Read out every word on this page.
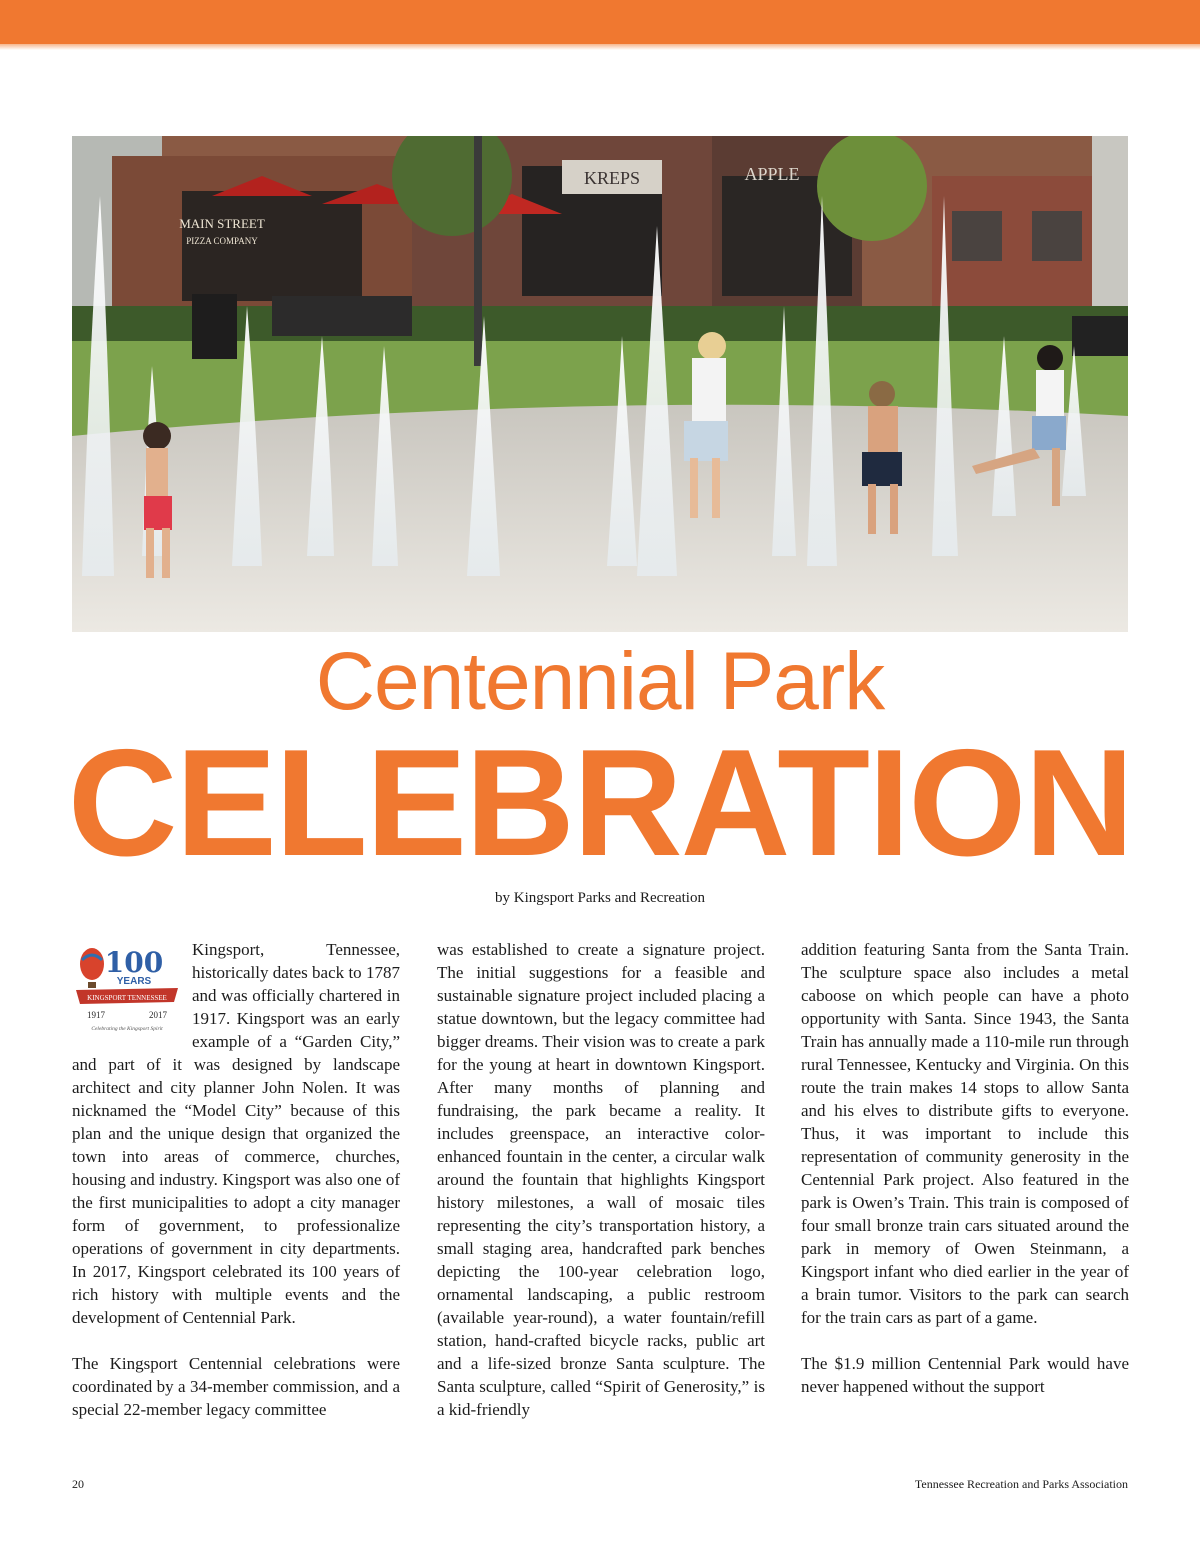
MAIN STREET
PIZZA COMPANY
KREPS	APPLE
Centennial Park
CELEBRATION
by Kingsport Parks and Recreation
100
YEARS
KINGSPORT TENNESSEE
1917	2017
Celebrating the Kingsport Spirit

Kingsport, Tennessee, historically dates back to 1787 and was officially chartered in 1917. Kingsport was an early example of a “Garden City,” and part of it was designed by landscape architect and city planner John Nolen. It was nicknamed the “Model City” because of this plan and the unique design that organized the town into areas of commerce, churches, housing and industry. Kingsport was also one of the first municipalities to adopt a city manager form of government, to professionalize operations of government in city departments. In 2017, Kingsport celebrated its 100 years of rich history with multiple events and the development of Centennial Park.

The Kingsport Centennial celebrations were coordinated by a 34-member commission, and a special 22-member legacy committee

was established to create a signature project. The initial suggestions for a feasible and sustainable signature project included placing a statue downtown, but the legacy committee had bigger dreams. Their vision was to create a park for the young at heart in downtown Kingsport. After many months of planning and fundraising, the park became a reality. It includes greenspace, an interactive color-enhanced fountain in the center, a circular walk around the fountain that highlights Kingsport history milestones, a wall of mosaic tiles representing the city’s transportation history, a small staging area, handcrafted park benches depicting the 100-year celebration logo, ornamental landscaping, a public restroom (available year-round), a water fountain/refill station, hand-crafted bicycle racks, public art and a life-sized bronze Santa sculpture. The Santa sculpture, called “Spirit of Generosity,” is a kid-friendly

addition featuring Santa from the Santa Train. The sculpture space also includes a metal caboose on which people can have a photo opportunity with Santa. Since 1943, the Santa Train has annually made a 110-mile run through rural Tennessee, Kentucky and Virginia. On this route the train makes 14 stops to allow Santa and his elves to distribute gifts to everyone. Thus, it was important to include this representation of community generosity in the Centennial Park project. Also featured in the park is Owen’s Train. This train is composed of four small bronze train cars situated around the park in memory of Owen Steinmann, a Kingsport infant who died earlier in the year of a brain tumor. Visitors to the park can search for the train cars as part of a game.

The $1.9 million Centennial Park would have never happened without the support

20	Tennessee Recreation and Parks Association
